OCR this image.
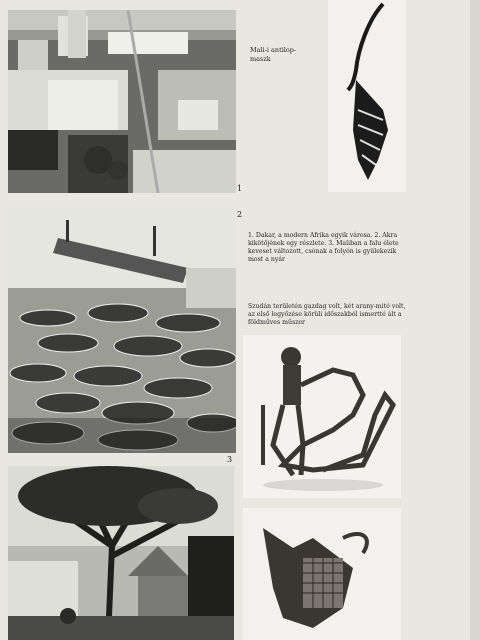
1
Mali-i antilop-
maszk
2
3
1. Dakar, a modern Afrika egyik városa. 2. Akra kikötőjének egy részlete. 3. Maliban a falu élete keveset változott, csónak a folyón is gyülekezik most a nyár
Szudán területén gazdag volt, két arany-mitó volt, az első legyőzése körüli időszakból ismertté ált a földműves műszer
